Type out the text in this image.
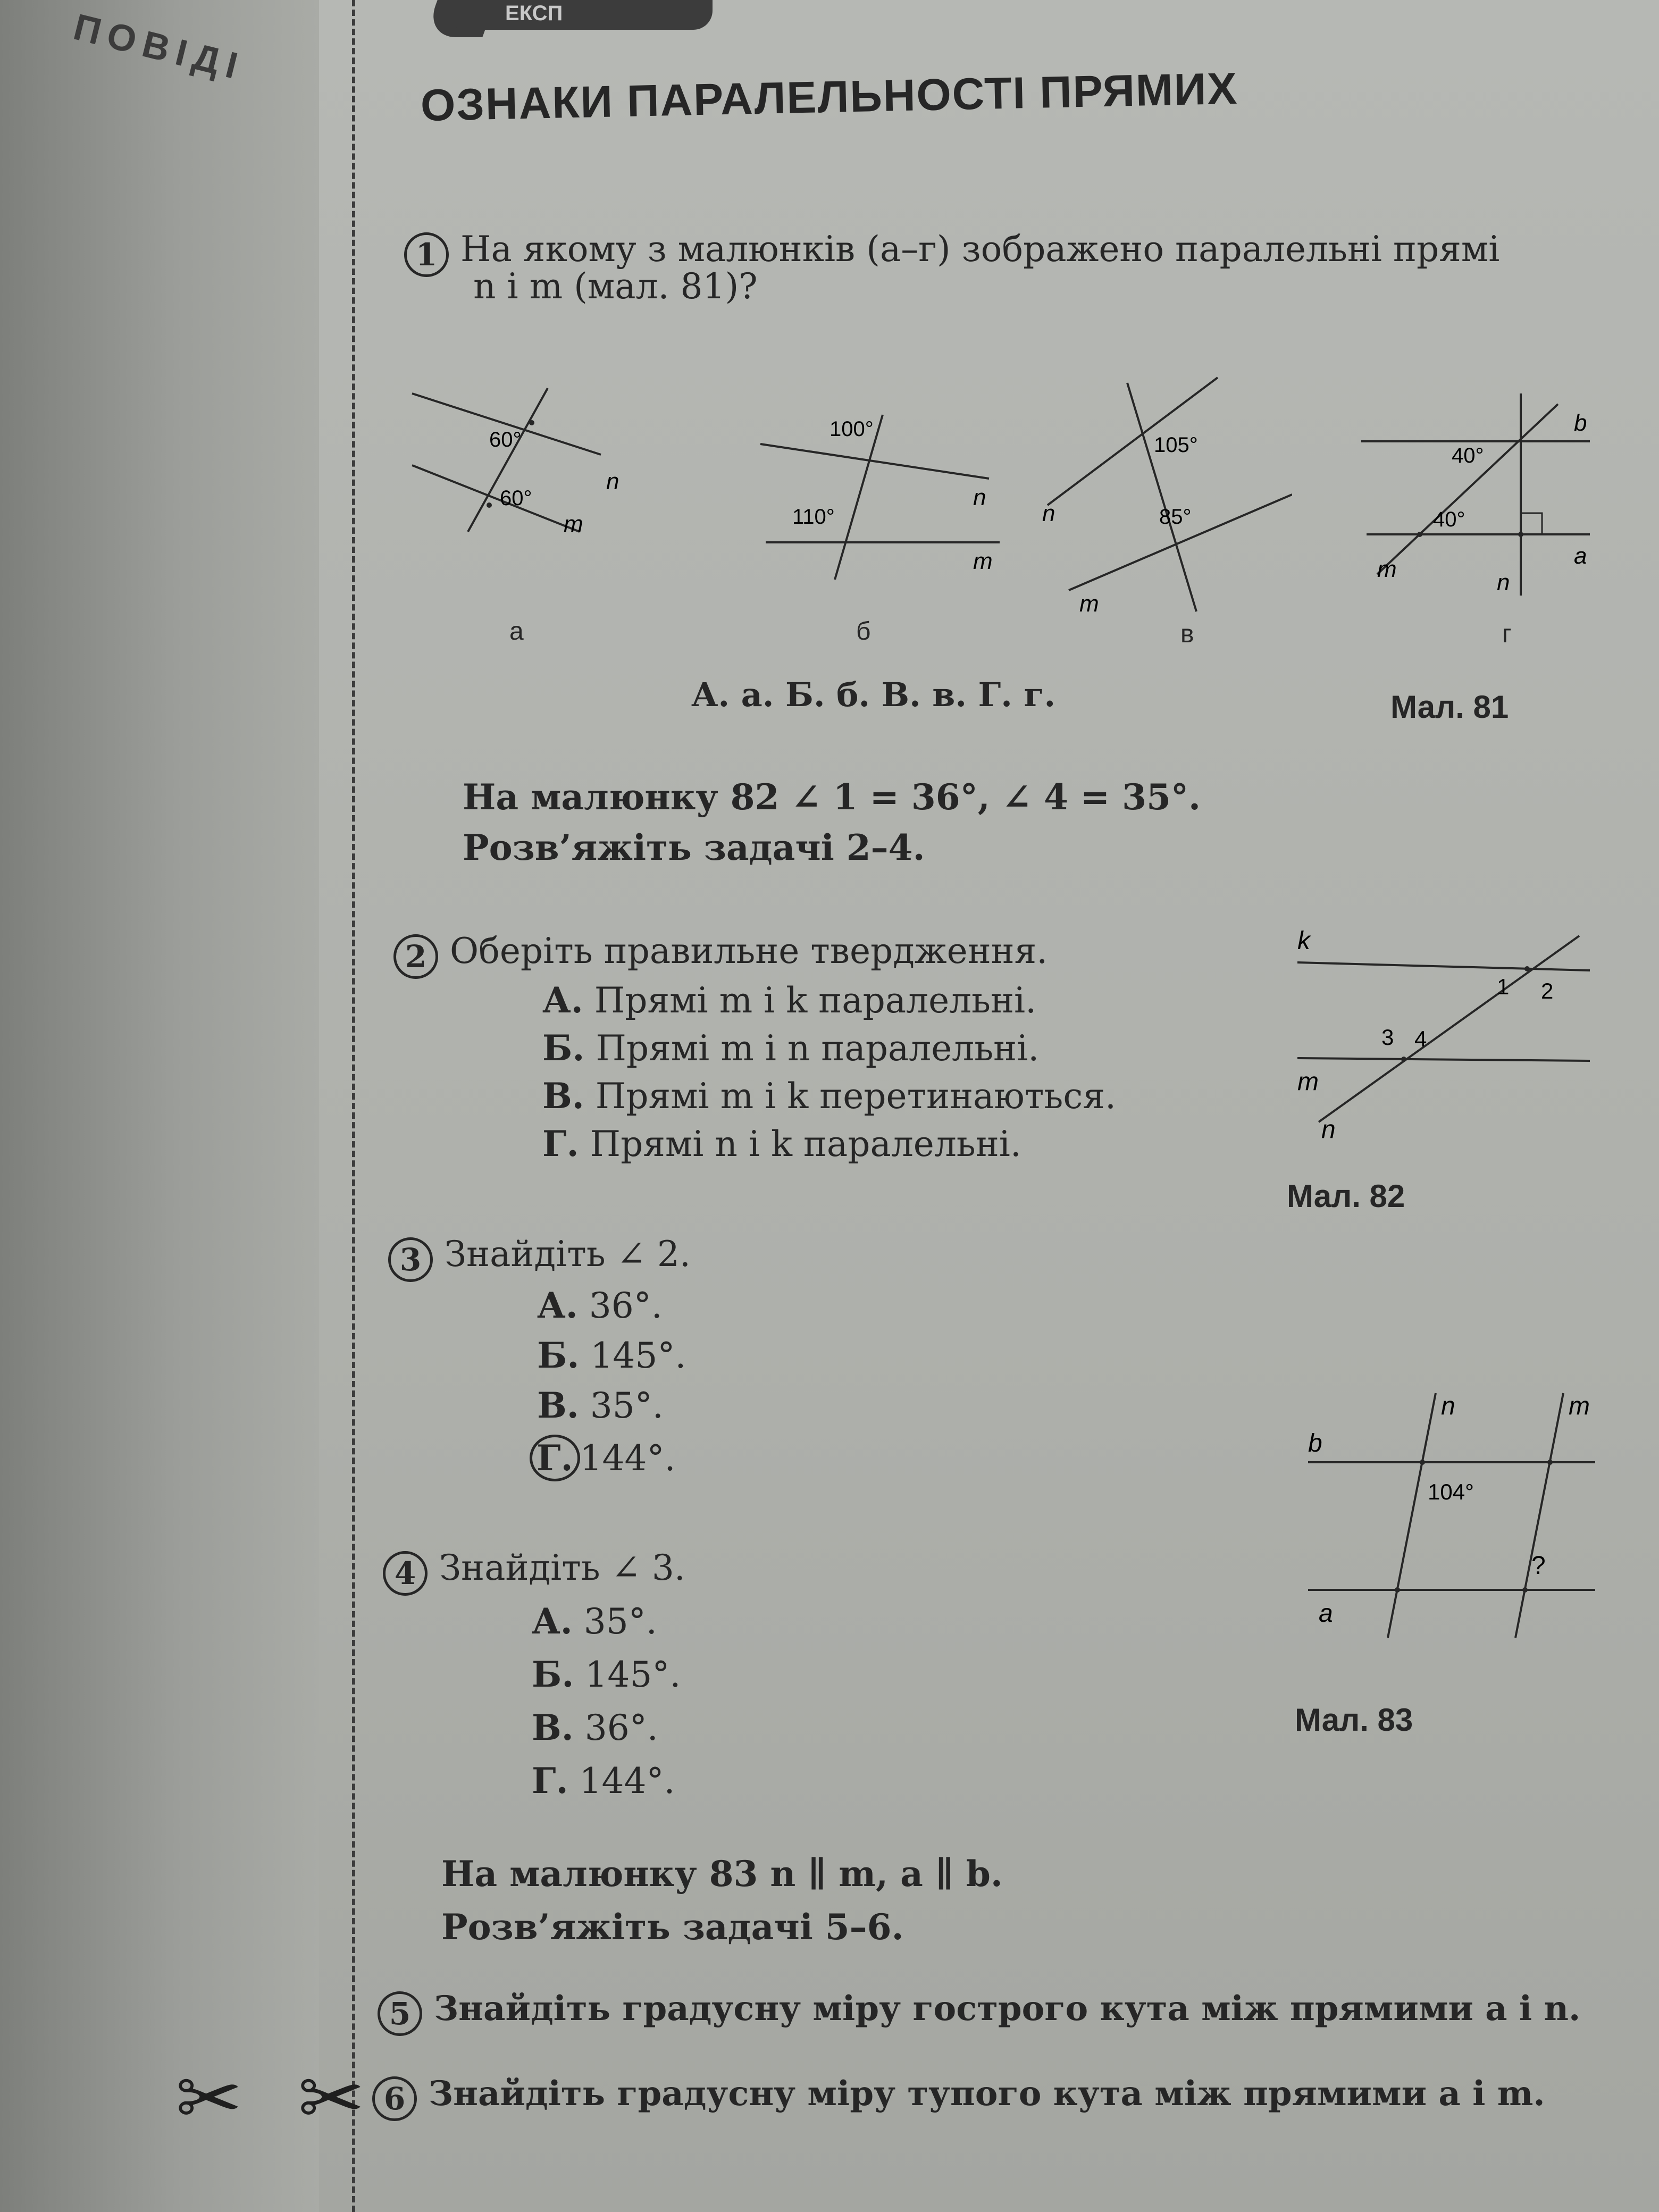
ПОВІДІ
✂ ✂
ЕКСП
ОЗНАКИ ПАРАЛЕЛЬНОСТІ ПРЯМИХ
1 На якому з малюнків (а–г) зображено паралельні прямі
n і m (мал. 81)?
60°
60°
n
m
а
100°
110°
n
m
б
105°
85°
n
m
в
40°
40°
b
a
m
n
г
А. а. Б. б. В. в. Г. г.	Мал. 81
На малюнку 82 ∠ 1 = 36°, ∠ 4 = 35°.
Розв’яжіть задачі 2–4.
2 Оберіть правильне твердження.
А. Прямі m і k паралельні.
Б. Прямі m і n паралельні.
В. Прямі m і k перетинаються.
Г. Прямі n і k паралельні.
k
m
n
1 2
3 4
Мал. 82
3 Знайдіть ∠ 2.
А. 36°.
Б. 145°.
В. 35°.
Г. 144°.
n	m
b
a
104°
?
Мал. 83
4 Знайдіть ∠ 3.
А. 35°.
Б. 145°.
В. 36°.
Г. 144°.
На малюнку 83 n ∥ m, a ∥ b.
Розв’яжіть задачі 5–6.
5 Знайдіть градусну міру гострого кута між прямими a і n.
6 Знайдіть градусну міру тупого кута між прямими a і m.
